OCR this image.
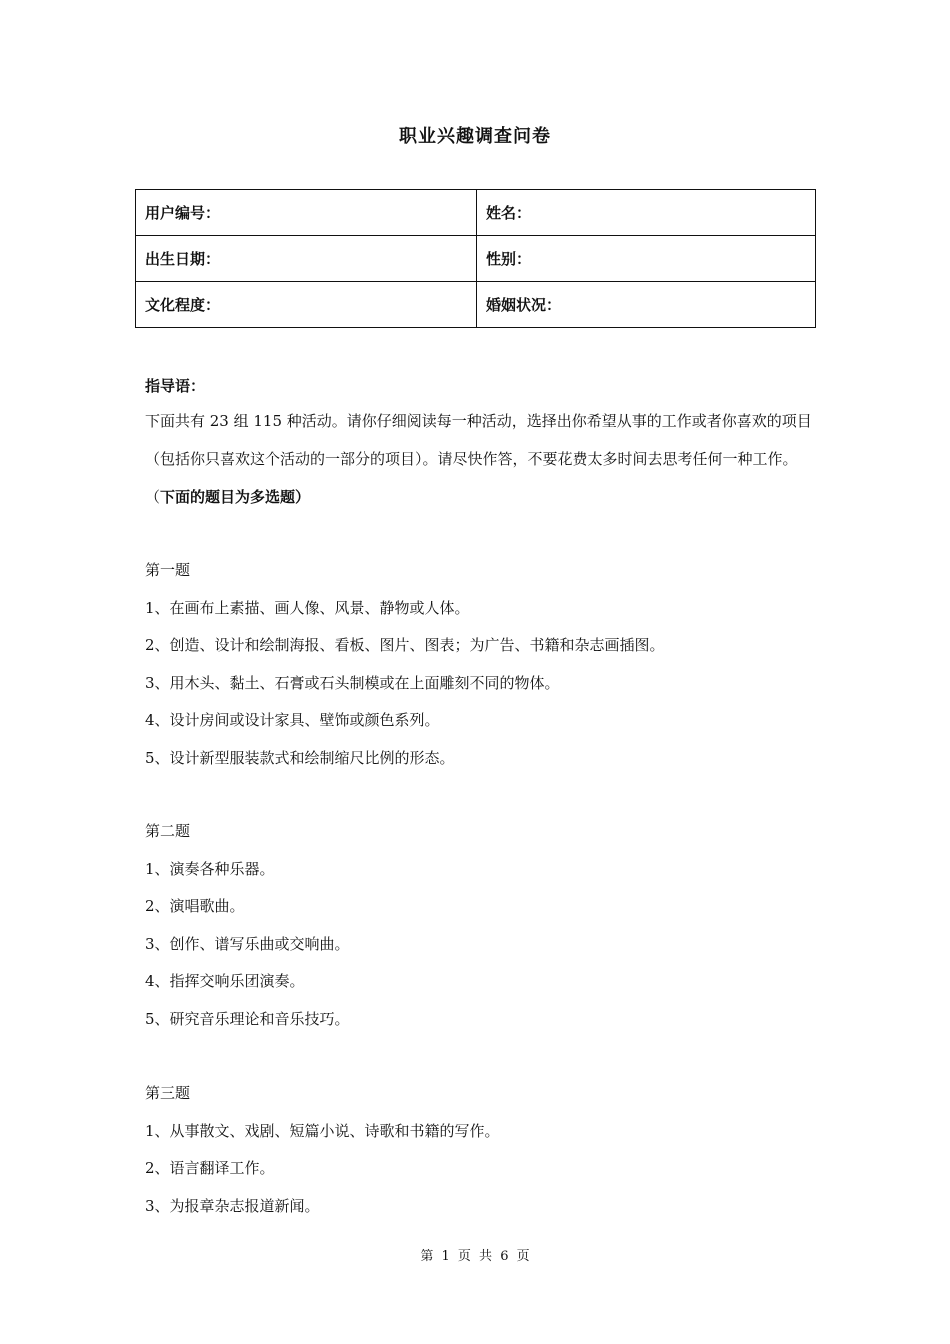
职业兴趣调查问卷
用户编号：	姓名：
出生日期：	性别：
文化程度：	婚姻状况：
指导语：
下面共有 23 组 115 种活动。请你仔细阅读每一种活动，选择出你希望从事的工作或者你喜欢的项目（包括你只喜欢这个活动的一部分的项目）。请尽快作答，不要花费太多时间去思考任何一种工作。（下面的题目为多选题）
第一题
1、在画布上素描、画人像、风景、静物或人体。
2、创造、设计和绘制海报、看板、图片、图表；为广告、书籍和杂志画插图。
3、用木头、黏土、石膏或石头制模或在上面雕刻不同的物体。
4、设计房间或设计家具、壁饰或颜色系列。
5、设计新型服装款式和绘制缩尺比例的形态。
第二题
1、演奏各种乐器。
2、演唱歌曲。
3、创作、谱写乐曲或交响曲。
4、指挥交响乐团演奏。
5、研究音乐理论和音乐技巧。
第三题
1、从事散文、戏剧、短篇小说、诗歌和书籍的写作。
2、语言翻译工作。
3、为报章杂志报道新闻。
第 1 页 共 6 页
